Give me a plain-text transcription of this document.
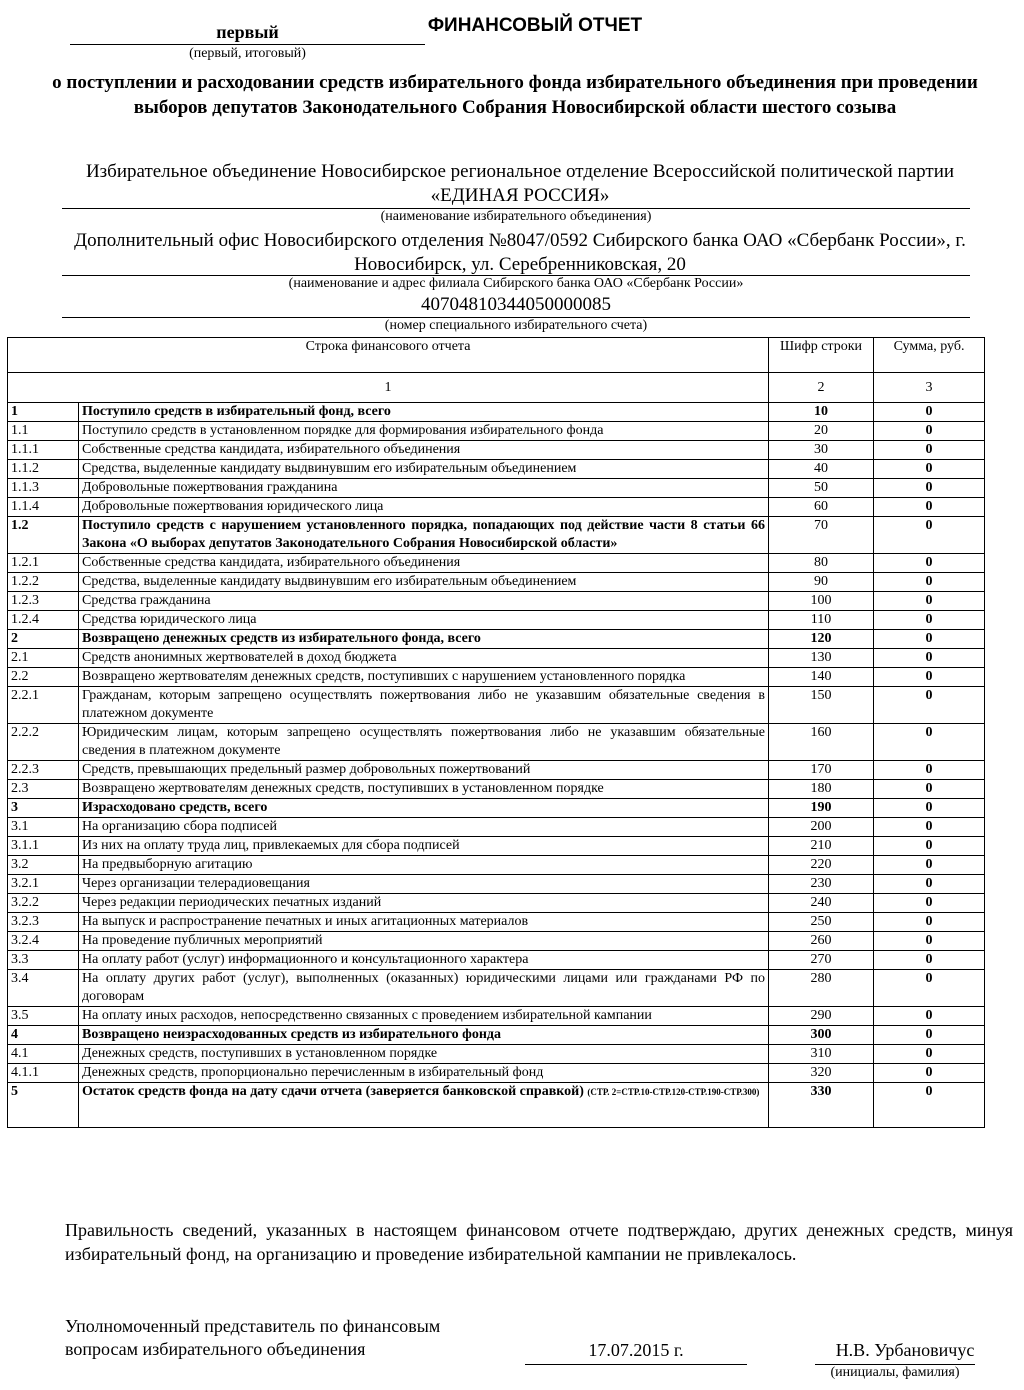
первый
(первый, итоговый)
ФИНАНСОВЫЙ ОТЧЕТ
о поступлении и расходовании средств избирательного фонда избирательного объединения при проведении выборов депутатов Законодательного Собрания Новосибирской области шестого созыва
Избирательное объединение Новосибирское региональное отделение Всероссийской политической партии «ЕДИНАЯ РОССИЯ»
(наименование избирательного объединения)
Дополнительный офис Новосибирского отделения №8047/0592 Сибирского банка ОАО «Сбербанк России», г. Новосибирск, ул. Серебренниковская, 20
(наименование и адрес филиала Сибирского банка ОАО «Сбербанк России»
40704810344050000085
(номер специального избирательного счета)
Строка финансового отчета		Шифр строки	Сумма, руб.
1		2	3
1	Поступило средств в избирательный фонд, всего	10	0
1.1	Поступило средств в установленном порядке для формирования избирательного фонда	20	0
1.1.1	Собственные средства кандидата, избирательного объединения	30	0
1.1.2	Средства, выделенные кандидату выдвинувшим его избирательным объединением	40	0
1.1.3	Добровольные пожертвования гражданина	50	0
1.1.4	Добровольные пожертвования юридического лица	60	0
1.2	Поступило средств с нарушением установленного порядка, попадающих под действие части 8 статьи 66 Закона «О выборах депутатов Законодательного Собрания Новосибирской области»	70	0
1.2.1	Собственные средства кандидата, избирательного объединения	80	0
1.2.2	Средства, выделенные кандидату выдвинувшим его избирательным объединением	90	0
1.2.3	Средства гражданина	100	0
1.2.4	Средства юридического лица	110	0
2	Возвращено денежных средств из избирательного фонда, всего	120	0
2.1	Средств анонимных жертвователей в доход бюджета	130	0
2.2	Возвращено жертвователям денежных средств, поступивших с нарушением установленного порядка	140	0
2.2.1	Гражданам, которым запрещено осуществлять пожертвования либо не указавшим обязательные сведения в платежном документе	150	0
2.2.2	Юридическим лицам, которым запрещено осуществлять пожертвования либо не указавшим обязательные сведения в платежном документе	160	0
2.2.3	Средств, превышающих предельный размер добровольных пожертвований	170	0
2.3	Возвращено жертвователям денежных средств, поступивших в установленном порядке	180	0
3	Израсходовано средств, всего	190	0
3.1	На организацию сбора подписей	200	0
3.1.1	Из них на оплату труда лиц, привлекаемых для сбора подписей	210	0
3.2	На предвыборную агитацию	220	0
3.2.1	Через организации телерадиовещания	230	0
3.2.2	Через редакции периодических печатных изданий	240	0
3.2.3	На выпуск и распространение печатных и иных агитационных материалов	250	0
3.2.4	На проведение публичных мероприятий	260	0
3.3	На оплату работ (услуг) информационного и консультационного характера	270	0
3.4	На оплату других работ (услуг), выполненных (оказанных) юридическими лицами или гражданами РФ по договорам	280	0
3.5	На оплату иных расходов, непосредственно связанных с проведением избирательной кампании	290	0
4	Возвращено неизрасходованных средств из избирательного фонда	300	0
4.1	Денежных средств, поступивших в установленном порядке	310	0
4.1.1	Денежных средств, пропорционально перечисленным в избирательный фонд	320	0
5	Остаток средств фонда на дату сдачи отчета (заверяется банковской справкой) (СТР. 2=СТР.10-СТР.120-СТР.190-СТР.300)	330	0
Правильность сведений, указанных в настоящем финансовом отчете подтверждаю, других денежных средств, минуя избирательный фонд, на организацию и проведение избирательной кампании не привлекалось.
Уполномоченный представитель по финансовым вопросам избирательного объединения	17.07.2015 г.	Н.В. Урбановичус
(инициалы, фамилия)
